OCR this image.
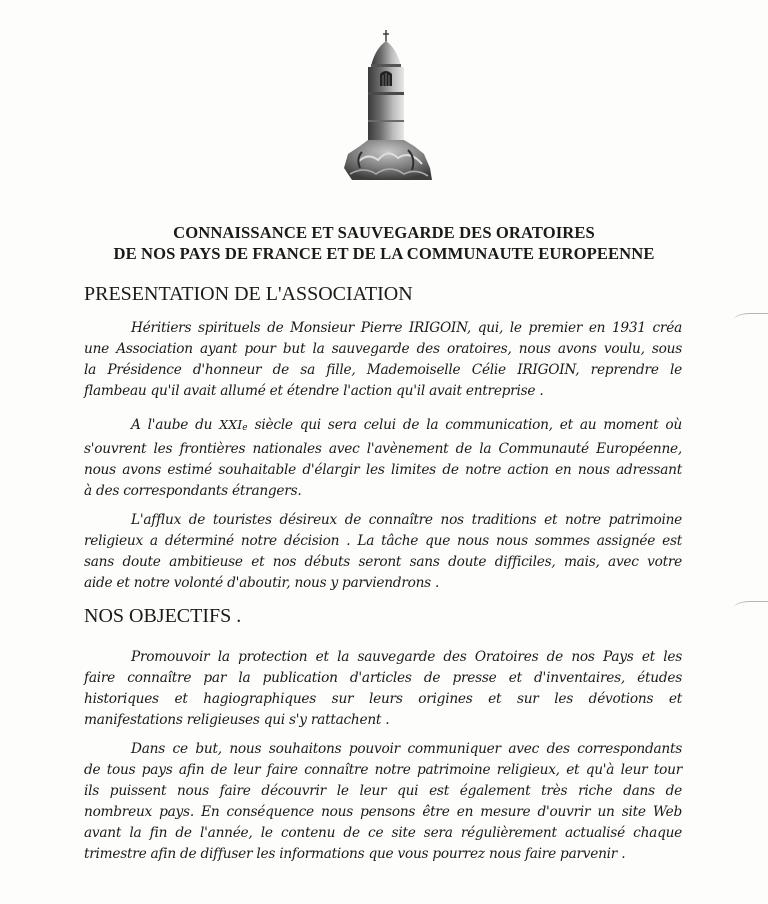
CONNAISSANCE ET SAUVEGARDE DES ORATOIRES
DE NOS PAYS DE FRANCE ET DE LA COMMUNAUTE EUROPEENNE
PRESENTATION DE L'ASSOCIATION
Héritiers spirituels de Monsieur Pierre IRIGOIN, qui, le premier en 1931 créa
une Association ayant pour but la sauvegarde des oratoires, nous avons voulu, sous
la Présidence d'honneur de sa fille, Mademoiselle Célie IRIGOIN, reprendre le
flambeau qu'il avait allumé et étendre l'action qu'il avait entreprise .
A l'aube du XXIe siècle qui sera celui de la communication, et au moment où
s'ouvrent les frontières nationales avec l'avènement de la Communauté Européenne,
nous avons estimé souhaitable d'élargir les limites de notre action en nous adressant
à des correspondants étrangers.
L'afflux de touristes désireux de connaître nos traditions et notre patrimoine
religieux a déterminé notre décision . La tâche que nous nous sommes assignée est
sans doute ambitieuse et nos débuts seront sans doute difficiles, mais, avec votre
aide et notre volonté d'aboutir, nous y parviendrons .
NOS OBJECTIFS .
Promouvoir la protection et la sauvegarde des Oratoires de nos Pays et les
faire connaître par la publication d'articles de presse et d'inventaires, études
historiques et hagiographiques sur leurs origines et sur les dévotions et
manifestations religieuses qui s'y rattachent .
Dans ce but, nous souhaitons pouvoir communiquer avec des correspondants
de tous pays afin de leur faire connaître notre patrimoine religieux, et qu'à leur tour
ils puissent nous faire découvrir le leur qui est également très riche dans de
nombreux pays. En conséquence nous pensons être en mesure d'ouvrir un site Web
avant la fin de l'année, le contenu de ce site sera régulièrement actualisé chaque
trimestre afin de diffuser les informations que vous pourrez nous faire parvenir .
